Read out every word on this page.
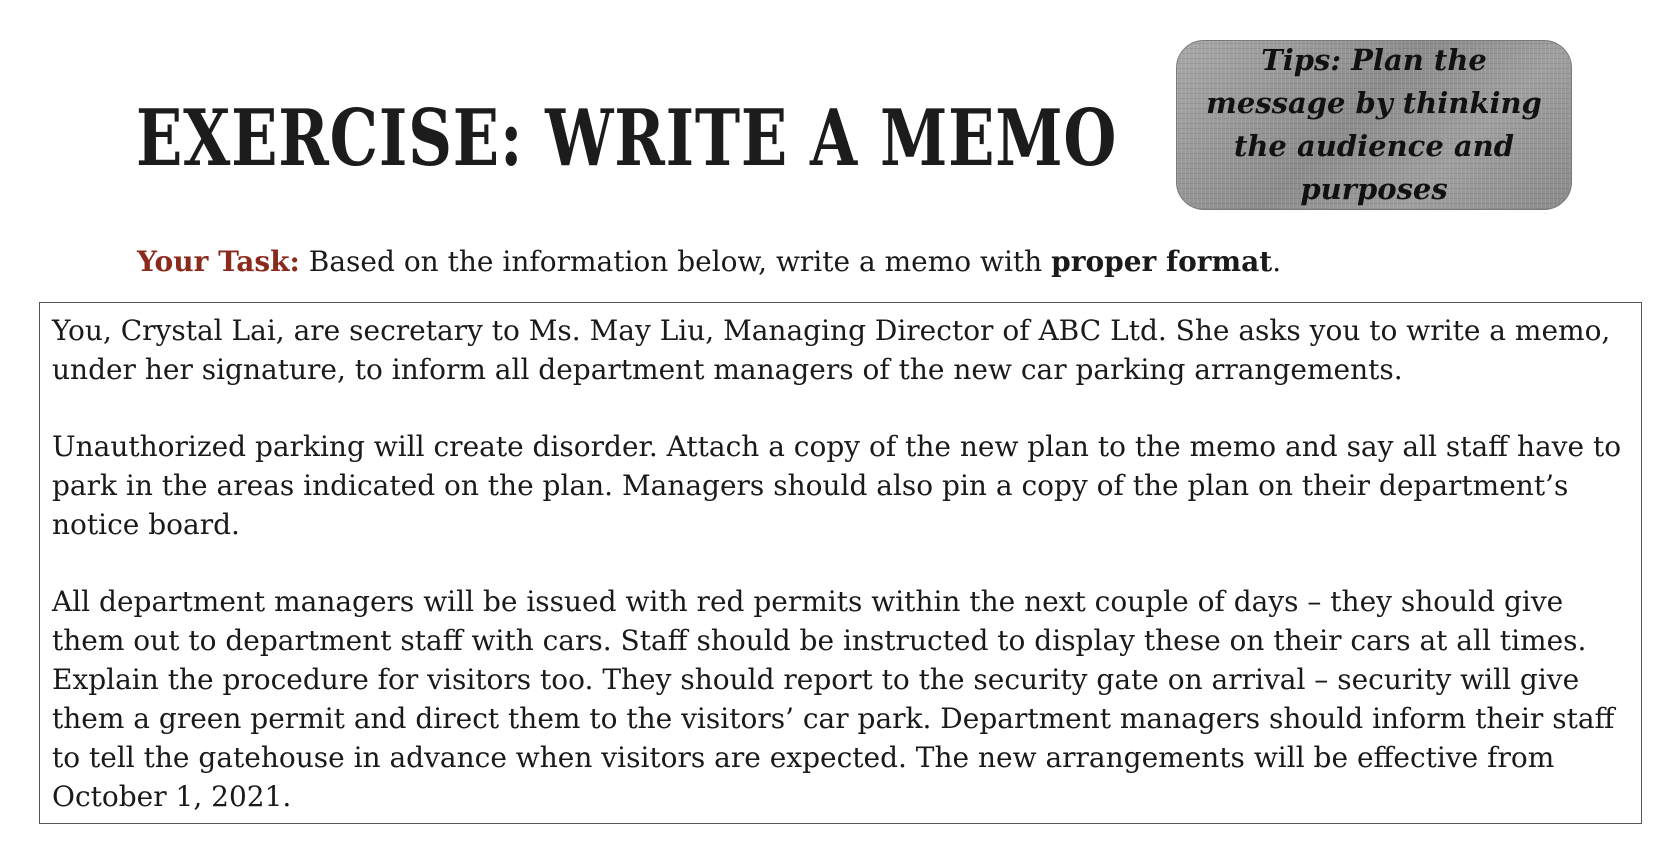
EXERCISE: WRITE A MEMO
Tips: Plan the message by thinking the audience and purposes
Your Task: Based on the information below, write a memo with proper format.

You, Crystal Lai, are secretary to Ms. May Liu, Managing Director of ABC Ltd. She asks you to write a memo, under her signature, to inform all department managers of the new car parking arrangements.

Unauthorized parking will create disorder. Attach a copy of the new plan to the memo and say all staff have to park in the areas indicated on the plan. Managers should also pin a copy of the plan on their department’s notice board.

All department managers will be issued with red permits within the next couple of days – they should give them out to department staff with cars. Staff should be instructed to display these on their cars at all times. Explain the procedure for visitors too. They should report to the security gate on arrival – security will give them a green permit and direct them to the visitors’ car park. Department managers should inform their staff to tell the gatehouse in advance when visitors are expected. The new arrangements will be effective from October 1, 2021.
